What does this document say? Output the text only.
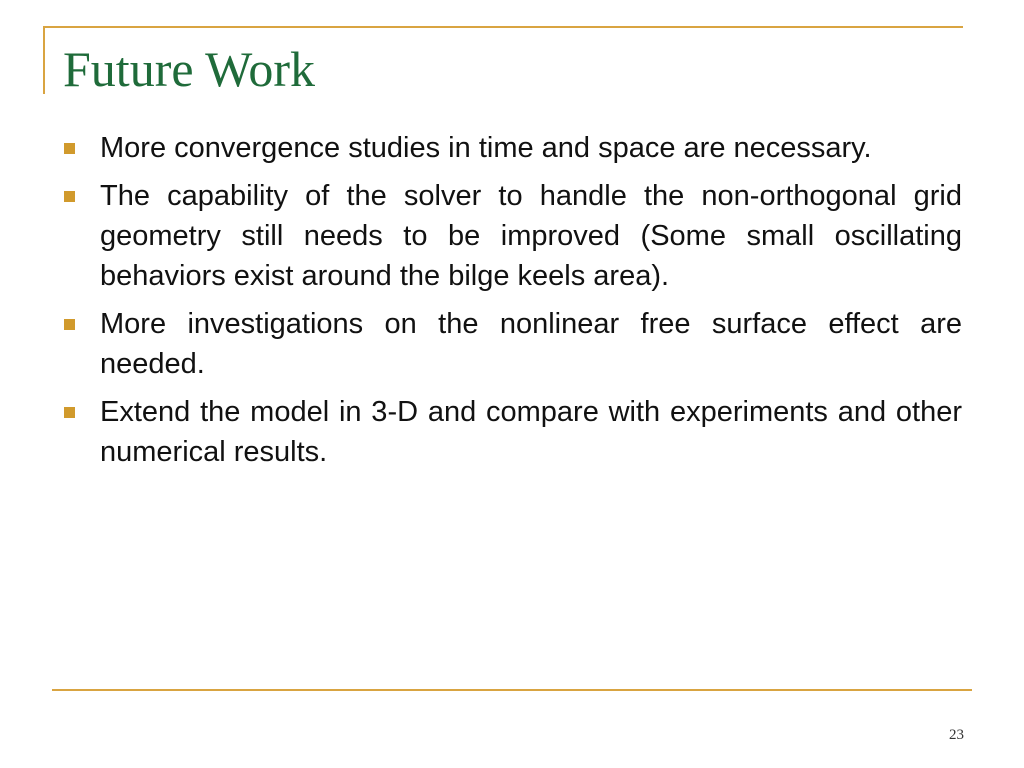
Future Work
More convergence studies in time and space are necessary.
The capability of the solver to handle the non-orthogonal grid geometry still needs to be improved (Some small oscillating behaviors exist around the bilge keels area).
More investigations on the nonlinear free surface effect are needed.
Extend the model in 3-D and compare with experiments and other numerical results.
23
